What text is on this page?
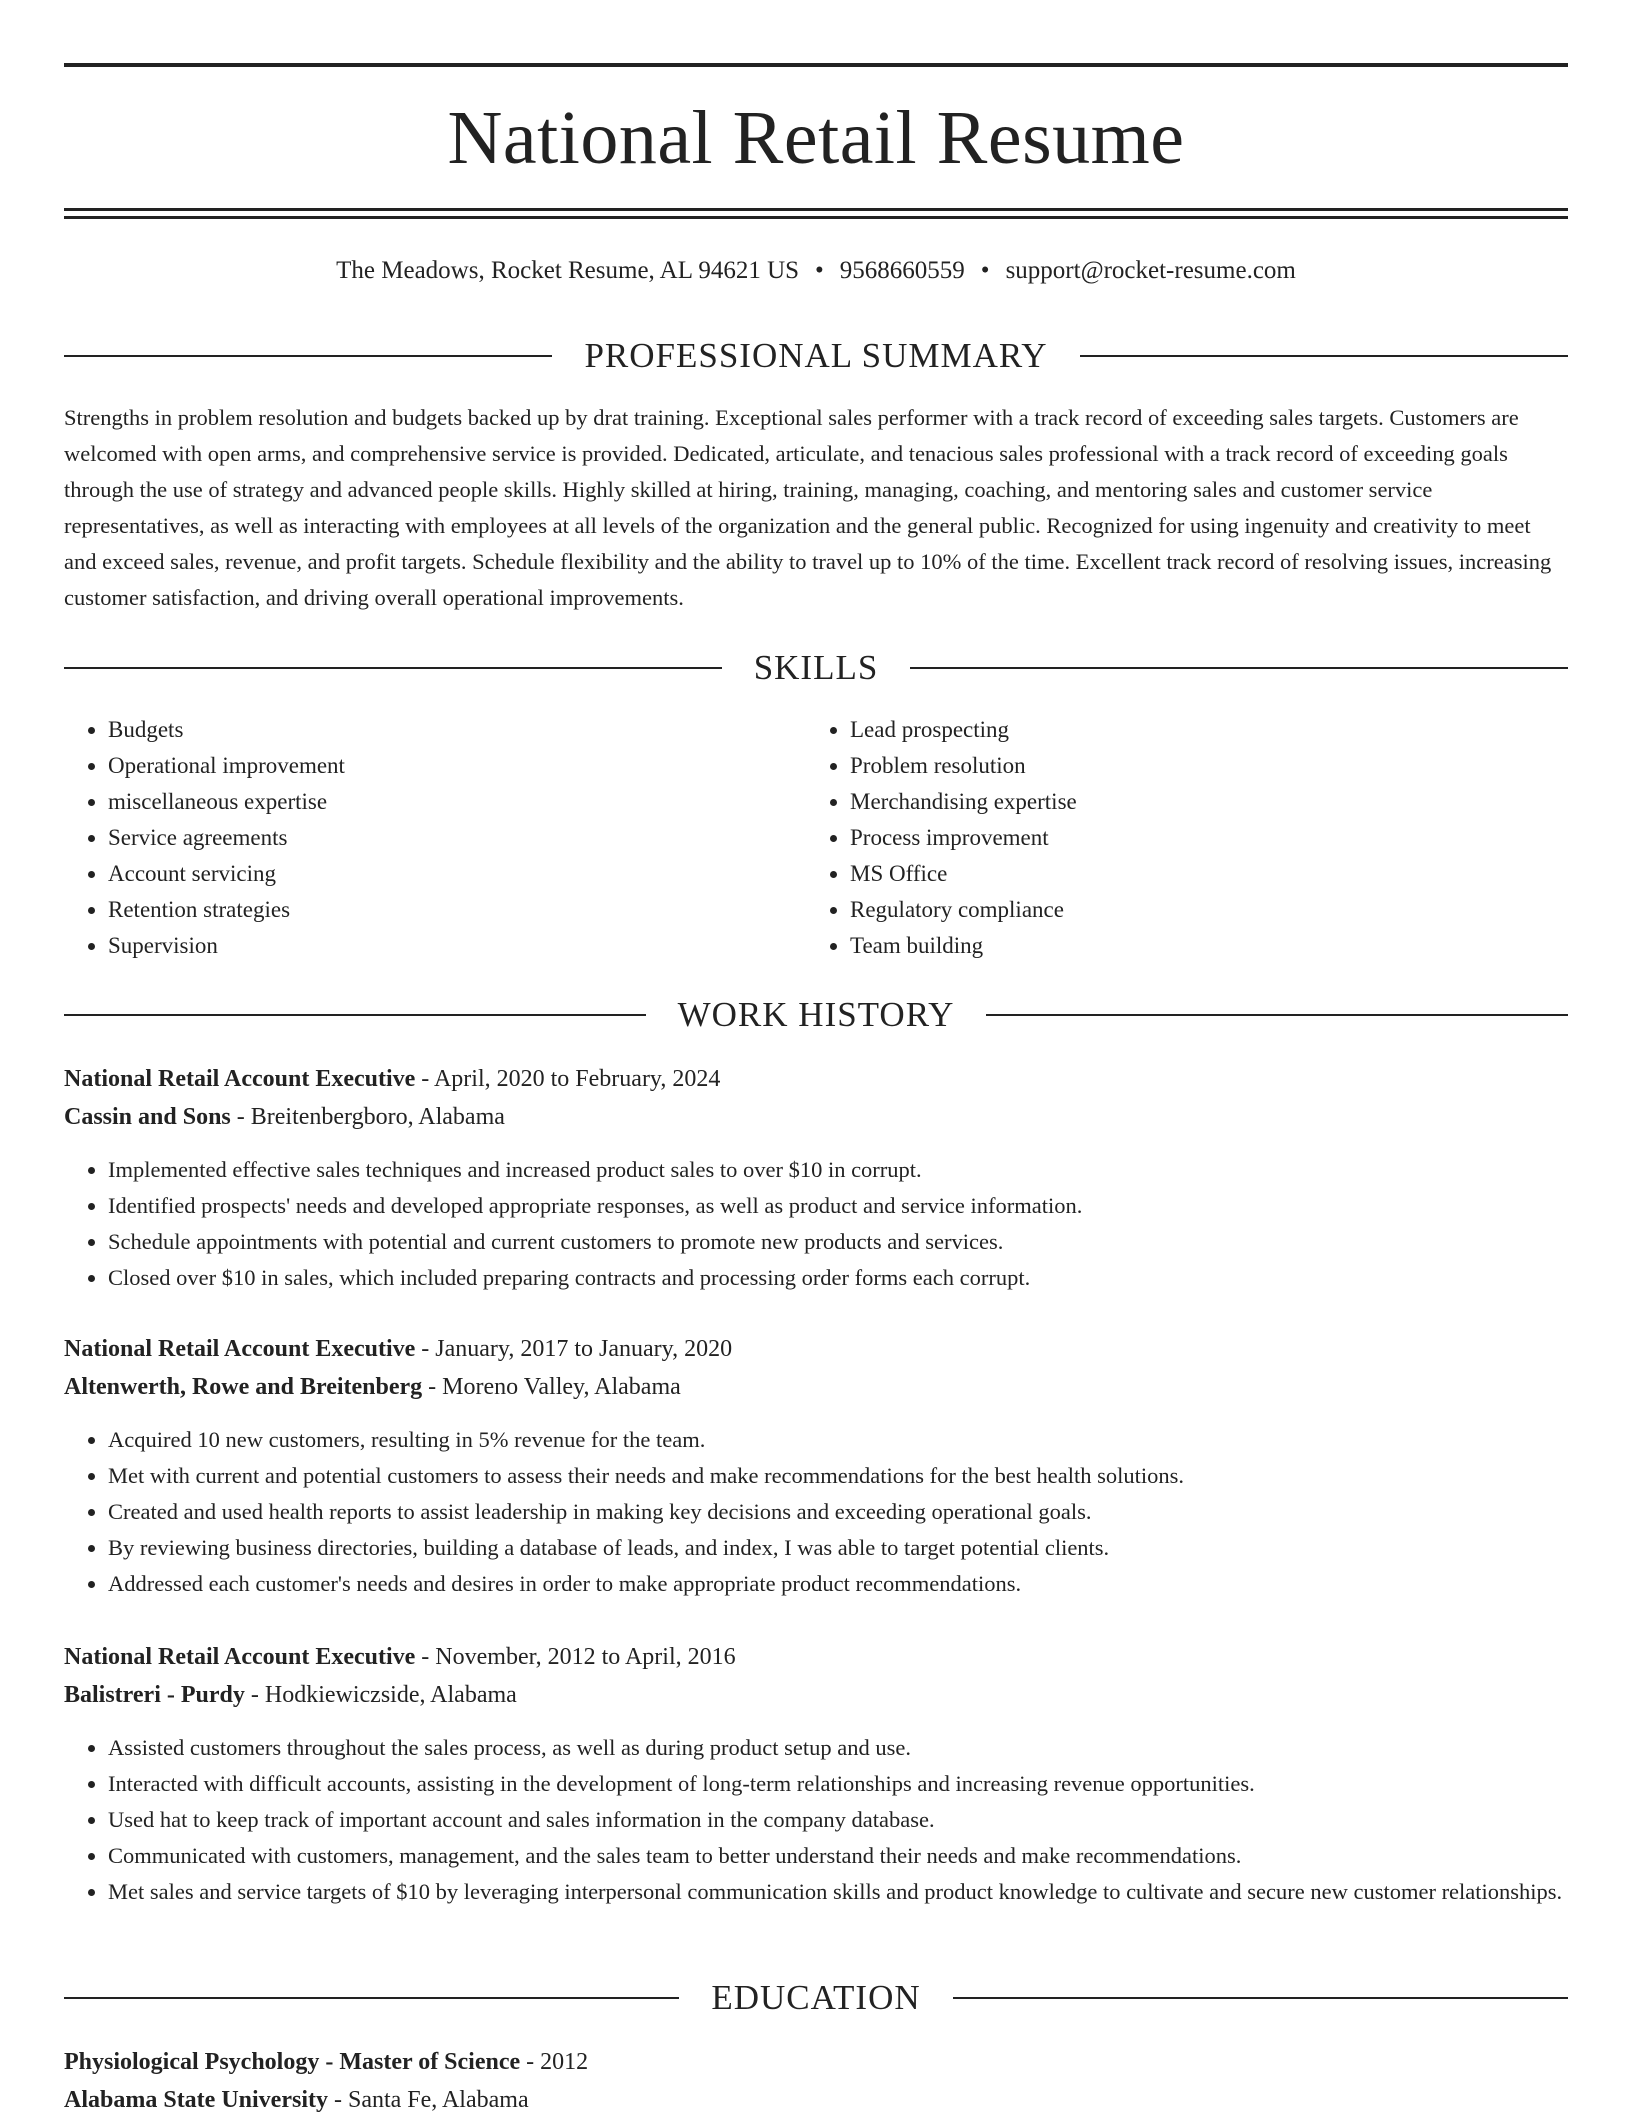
National Retail Resume
The Meadows, Rocket Resume, AL 94621 US • 9568660559 • support@rocket-resume.com
PROFESSIONAL SUMMARY

Strengths in problem resolution and budgets backed up by drat training. Exceptional sales performer with a track record of exceeding sales targets. Customers are welcomed with open arms, and comprehensive service is provided. Dedicated, articulate, and tenacious sales professional with a track record of exceeding goals through the use of strategy and advanced people skills. Highly skilled at hiring, training, managing, coaching, and mentoring sales and customer service representatives, as well as interacting with employees at all levels of the organization and the general public. Recognized for using ingenuity and creativity to meet and exceed sales, revenue, and profit targets. Schedule flexibility and the ability to travel up to 10% of the time. Excellent track record of resolving issues, increasing customer satisfaction, and driving overall operational improvements.

SKILLS
• Budgets
• Operational improvement
• miscellaneous expertise
• Service agreements
• Account servicing
• Retention strategies
• Supervision
• Lead prospecting
• Problem resolution
• Merchandising expertise
• Process improvement
• MS Office
• Regulatory compliance
• Team building
WORK HISTORY
National Retail Account Executive - April, 2020 to February, 2024
Cassin and Sons - Breitenbergboro, Alabama
• Implemented effective sales techniques and increased product sales to over $10 in corrupt.
• Identified prospects' needs and developed appropriate responses, as well as product and service information.
• Schedule appointments with potential and current customers to promote new products and services.
• Closed over $10 in sales, which included preparing contracts and processing order forms each corrupt.
National Retail Account Executive - January, 2017 to January, 2020
Altenwerth, Rowe and Breitenberg - Moreno Valley, Alabama
• Acquired 10 new customers, resulting in 5% revenue for the team.
• Met with current and potential customers to assess their needs and make recommendations for the best health solutions.
• Created and used health reports to assist leadership in making key decisions and exceeding operational goals.
• By reviewing business directories, building a database of leads, and index, I was able to target potential clients.
• Addressed each customer's needs and desires in order to make appropriate product recommendations.
National Retail Account Executive - November, 2012 to April, 2016
Balistreri - Purdy - Hodkiewiczside, Alabama
• Assisted customers throughout the sales process, as well as during product setup and use.
• Interacted with difficult accounts, assisting in the development of long-term relationships and increasing revenue opportunities.
• Used hat to keep track of important account and sales information in the company database.
• Communicated with customers, management, and the sales team to better understand their needs and make recommendations.
• Met sales and service targets of $10 by leveraging interpersonal communication skills and product knowledge to cultivate and secure new customer relationships.
EDUCATION
Physiological Psychology - Master of Science - 2012
Alabama State University - Santa Fe, Alabama
